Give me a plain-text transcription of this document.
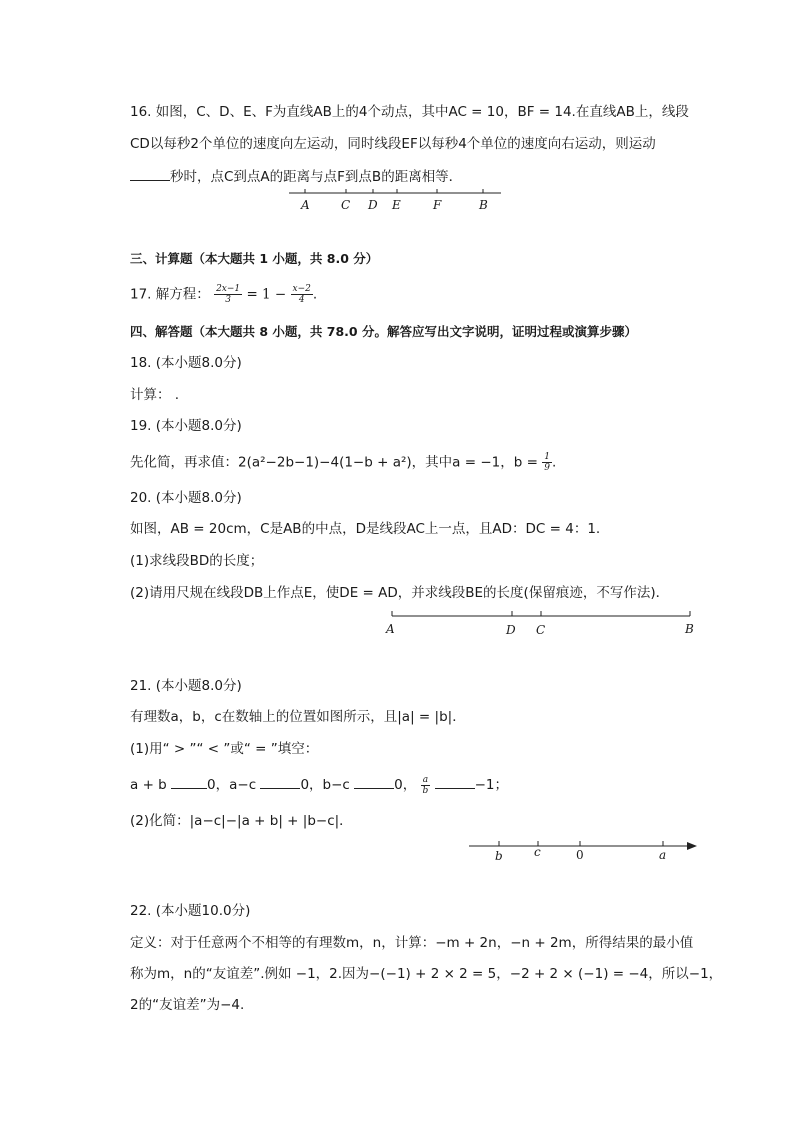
16. 如图，C、D、E、F为直线AB上的4个动点，其中AC = 10，BF = 14.在直线AB上，线段
CD以每秒2个单位的速度向左运动，同时线段EF以每秒4个单位的速度向右运动，则运动
秒时，点C到点A的距离与点F到点B的距离相等．
A	C D E	F	B
三、计算题（本大题共 1 小题，共 8.0 分）
17. 解方程： $\frac{2x-1}{3} = 1 - \frac{x-2}{4}$ .
四、解答题（本大题共 8 小题，共 78.0 分。解答应写出文字说明，证明过程或演算步骤）
18. (本小题8.0分)
计算： .
19. (本小题8.0分)
先化简，再求值：2(a²−2b−1)−4(1−b + a²)，其中a = −1，$b = \frac{1}{9}$ .
20. (本小题8.0分)
如图，AB = 20cm，C是AB的中点，D是线段AC上一点，且AD：DC = 4：1.
(1)求线段BD的长度；
(2)请用尺规在线段DB上作点E，使DE = AD，并求线段BE的长度(保留痕迹，不写作法)．
A	D C	B
21. (本小题8.0分)
有理数a，b，c在数轴上的位置如图所示，且|a| = |b|．
(1)用“ > ”“ < ”或“ = ”填空：
a + b	0，a−c	0，b−c	0， $\frac{a}{b}$	−1；
(2)化简：|a−c|−|a + b| + |b−c|．
b	c	0	a
22. (本小题10.0分)
定义：对于任意两个不相等的有理数m，n，计算：−m + 2n，−n + 2m，所得结果的最小值
称为m，n的“友谊差”.例如 −1，2.因为−(−1) + 2 × 2 = 5，−2 + 2 × (−1) = −4，所以−1，
2的“友谊差”为−4.
